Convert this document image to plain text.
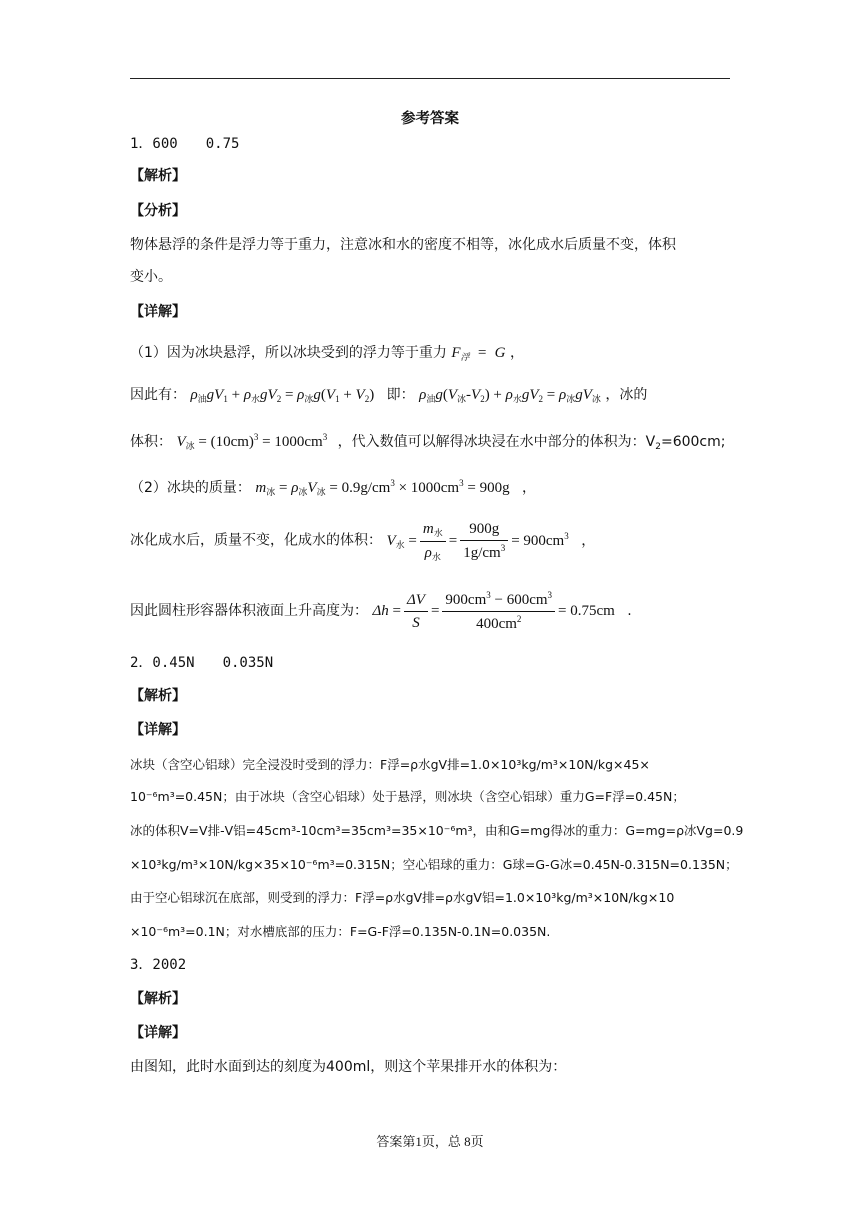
参考答案
1．600　　0.75
【解析】
【分析】
物体悬浮的条件是浮力等于重力，注意冰和水的密度不相等，冰化成水后质量不变，体积
变小。
【详解】
（1）因为冰块悬浮，所以冰块受到的浮力等于重力 $F_浮 = G$ ，
因此有： $\rho_油gV_1 + \rho_水gV_2 = \rho_冰g(V_1 + V_2)$ 即： $\rho_油g(V_冰-V_2) + \rho_水gV_2 = \rho_冰gV_冰$ ，冰的
体积： $V_冰 = (10cm)^3 = 1000cm^3$ ，代入数值可以解得冰块浸在水中部分的体积为：$V_2=600cm$;
（2）冰块的质量： $m_冰 = \rho_冰V_冰 = 0.9g/cm^3 \times 1000cm^3 = 900g$ ，
冰化成水后，质量不变，化成水的体积： $V_水 = \frac{m_水}{\rho_水} = \frac{900g}{1g/cm^3} = 900cm^3$ ，
因此圆柱形容器体积液面上升高度为： $\Delta h = \frac{\Delta V}{S} = \frac{900cm^3 - 600cm^3}{400cm^2} = 0.75cm$ .
2．0.45N　　0.035N
【解析】
【详解】
冰块（含空心铝球）完全浸没时受到的浮力：F浮=ρ水gV排=1.0×10³kg/m³×10N/kg×45×
10⁻⁶m³=0.45N；由于冰块（含空心铝球）处于悬浮，则冰块（含空心铝球）重力G=F浮=0.45N；
冰的体积V=V排-V铝=45cm³-10cm³=35cm³=35×10⁻⁶m³，由和G=mg得冰的重力：G=mg=ρ冰Vg=0.9
×10³kg/m³×10N/kg×35×10⁻⁶m³=0.315N；空心铝球的重力：G球=G-G冰=0.45N-0.315N=0.135N；
由于空心铝球沉在底部，则受到的浮力：F浮=ρ水gV排=ρ水gV铝=1.0×10³kg/m³×10N/kg×10
×10⁻⁶m³=0.1N；对水槽底部的压力：F=G-F浮=0.135N-0.1N=0.035N.
3．2002
【解析】
【详解】
由图知，此时水面到达的刻度为400ml，则这个苹果排开水的体积为：
答案第1页，总 8页
